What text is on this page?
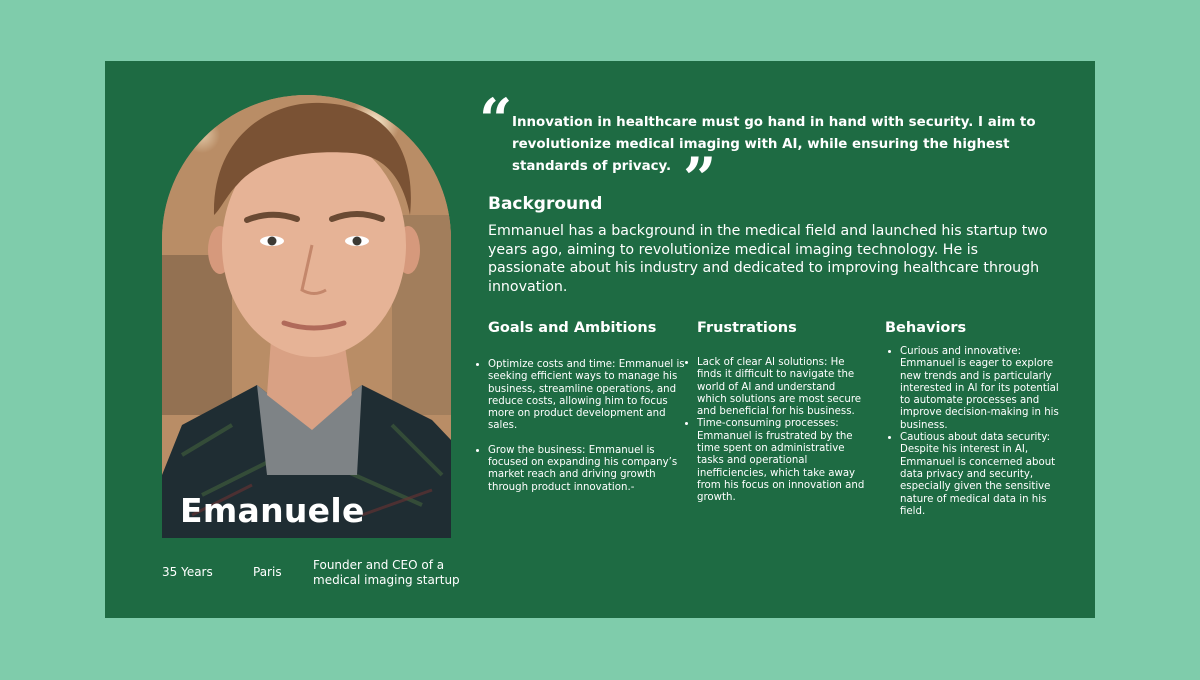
Emanuele
35 Years	Paris	Founder and CEO of a medical imaging startup
“ Innovation in healthcare must go hand in hand with security. I aim to revolutionize medical imaging with AI, while ensuring the highest standards of privacy. ”
Background
Emmanuel has a background in the medical field and launched his startup two years ago, aiming to revolutionize medical imaging technology. He is passionate about his industry and dedicated to improving healthcare through innovation.
Goals and Ambitions
• Optimize costs and time: Emmanuel is seeking efficient ways to manage his business, streamline operations, and reduce costs, allowing him to focus more on product development and sales.
• Grow the business: Emmanuel is focused on expanding his company’s market reach and driving growth through product innovation.-
Frustrations
• Lack of clear AI solutions: He finds it difficult to navigate the world of AI and understand which solutions are most secure and beneficial for his business.
• Time-consuming processes: Emmanuel is frustrated by the time spent on administrative tasks and operational inefficiencies, which take away from his focus on innovation and growth.
Behaviors
• Curious and innovative: Emmanuel is eager to explore new trends and is particularly interested in AI for its potential to automate processes and improve decision-making in his business.
• Cautious about data security: Despite his interest in AI, Emmanuel is concerned about data privacy and security, especially given the sensitive nature of medical data in his field.
